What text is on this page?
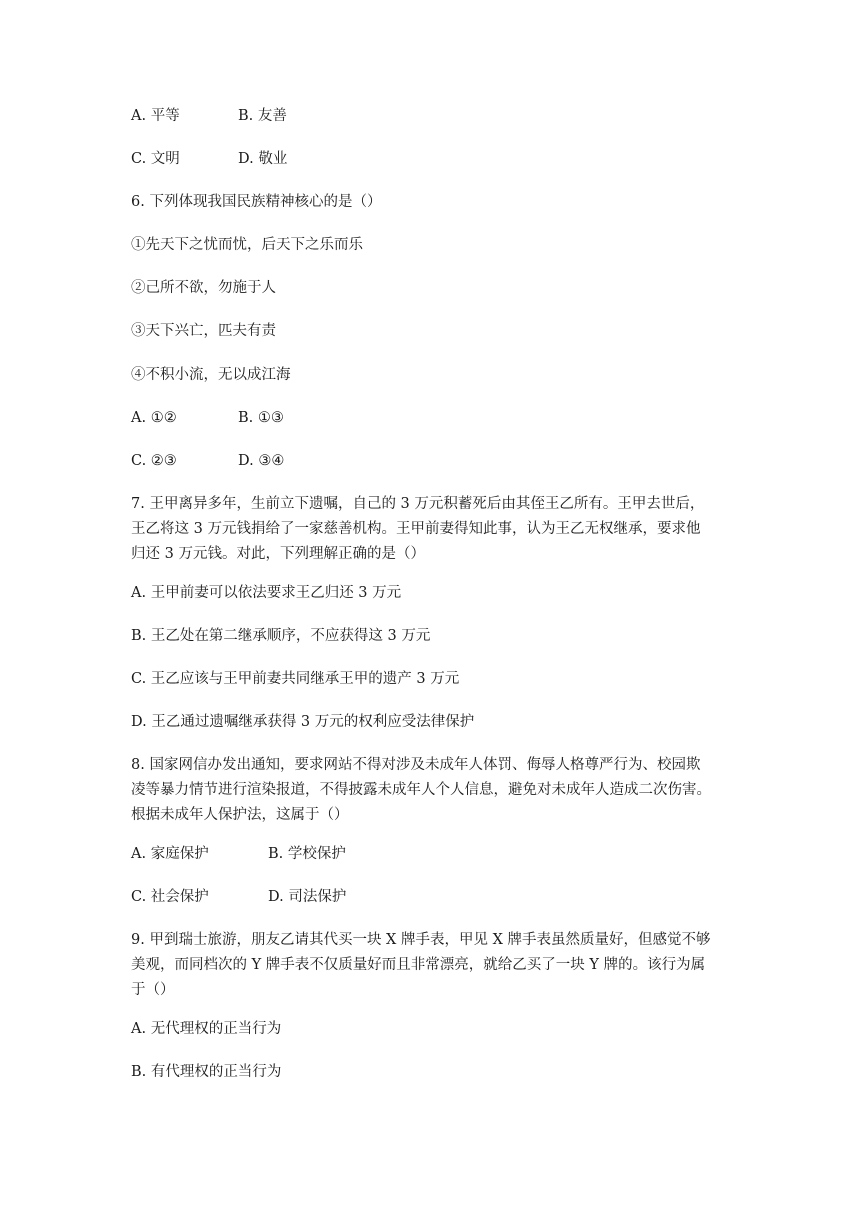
A. 平等	B. 友善
C. 文明	D. 敬业
6. 下列体现我国民族精神核心的是（）
①先天下之忧而忧，后天下之乐而乐
②己所不欲，勿施于人
③天下兴亡，匹夫有责
④不积小流，无以成江海
A. ①②	B. ①③
C. ②③	D. ③④
7. 王甲离异多年，生前立下遗嘱，自己的 3 万元积蓄死后由其侄王乙所有。王甲去世后，
王乙将这 3 万元钱捐给了一家慈善机构。王甲前妻得知此事，认为王乙无权继承，要求他
归还 3 万元钱。对此，下列理解正确的是（）
A. 王甲前妻可以依法要求王乙归还 3 万元
B. 王乙处在第二继承顺序，不应获得这 3 万元
C. 王乙应该与王甲前妻共同继承王甲的遗产 3 万元
D. 王乙通过遗嘱继承获得 3 万元的权利应受法律保护
8. 国家网信办发出通知，要求网站不得对涉及未成年人体罚、侮辱人格尊严行为、校园欺
凌等暴力情节进行渲染报道，不得披露未成年人个人信息，避免对未成年人造成二次伤害。
根据未成年人保护法，这属于（）
A. 家庭保护	B. 学校保护
C. 社会保护	D. 司法保护
9. 甲到瑞士旅游，朋友乙请其代买一块 X 牌手表，甲见 X 牌手表虽然质量好，但感觉不够
美观，而同档次的 Y 牌手表不仅质量好而且非常漂亮，就给乙买了一块 Y 牌的。该行为属
于（）
A. 无代理权的正当行为
B. 有代理权的正当行为
